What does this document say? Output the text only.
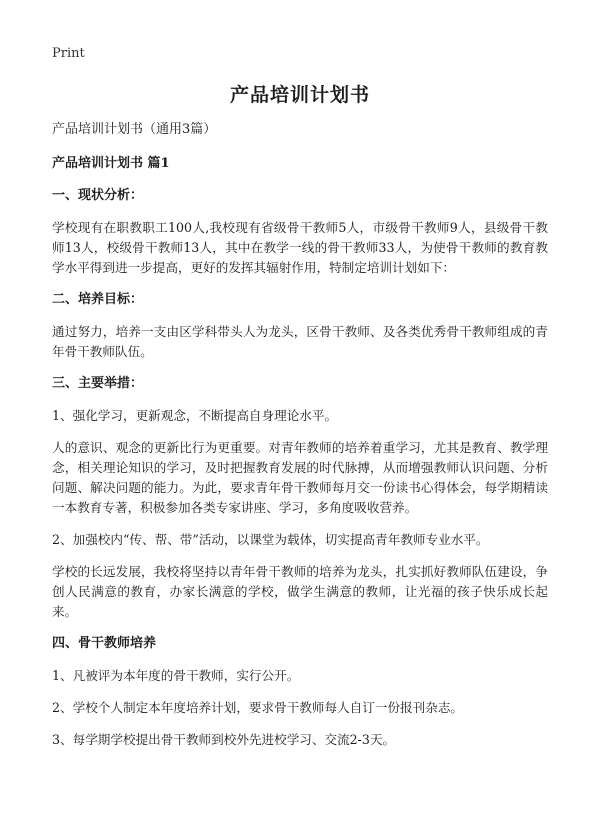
Print
产品培训计划书

产品培训计划书（通用3篇）

产品培训计划书 篇1

一、现状分析：

学校现有在职教职工100人,我校现有省级骨干教师5人，市级骨干教师9人，县级骨干教师13人，校级骨干教师13人，其中在教学一线的骨干教师33人，为使骨干教师的教育教学水平得到进一步提高，更好的发挥其辐射作用，特制定培训计划如下：

二、培养目标：

通过努力，培养一支由区学科带头人为龙头，区骨干教师、及各类优秀骨干教师组成的青年骨干教师队伍。

三、主要举措：

1、强化学习，更新观念，不断提高自身理论水平。

人的意识、观念的更新比行为更重要。对青年教师的培养着重学习，尤其是教育、教学理念，相关理论知识的学习，及时把握教育发展的时代脉搏，从而增强教师认识问题、分析问题、解决问题的能力。为此，要求青年骨干教师每月交一份读书心得体会，每学期精读一本教育专著，积极参加各类专家讲座、学习，多角度吸收营养。

2、加强校内“传、帮、带”活动，以课堂为载体，切实提高青年教师专业水平。

学校的长远发展，我校将坚持以青年骨干教师的培养为龙头，扎实抓好教师队伍建设，争创人民满意的教育，办家长满意的学校，做学生满意的教师，让光福的孩子快乐成长起来。

四、骨干教师培养

1、凡被评为本年度的骨干教师，实行公开。

2、学校个人制定本年度培养计划，要求骨干教师每人自订一份报刊杂志。

3、每学期学校提出骨干教师到校外先进校学习、交流2-3天。
